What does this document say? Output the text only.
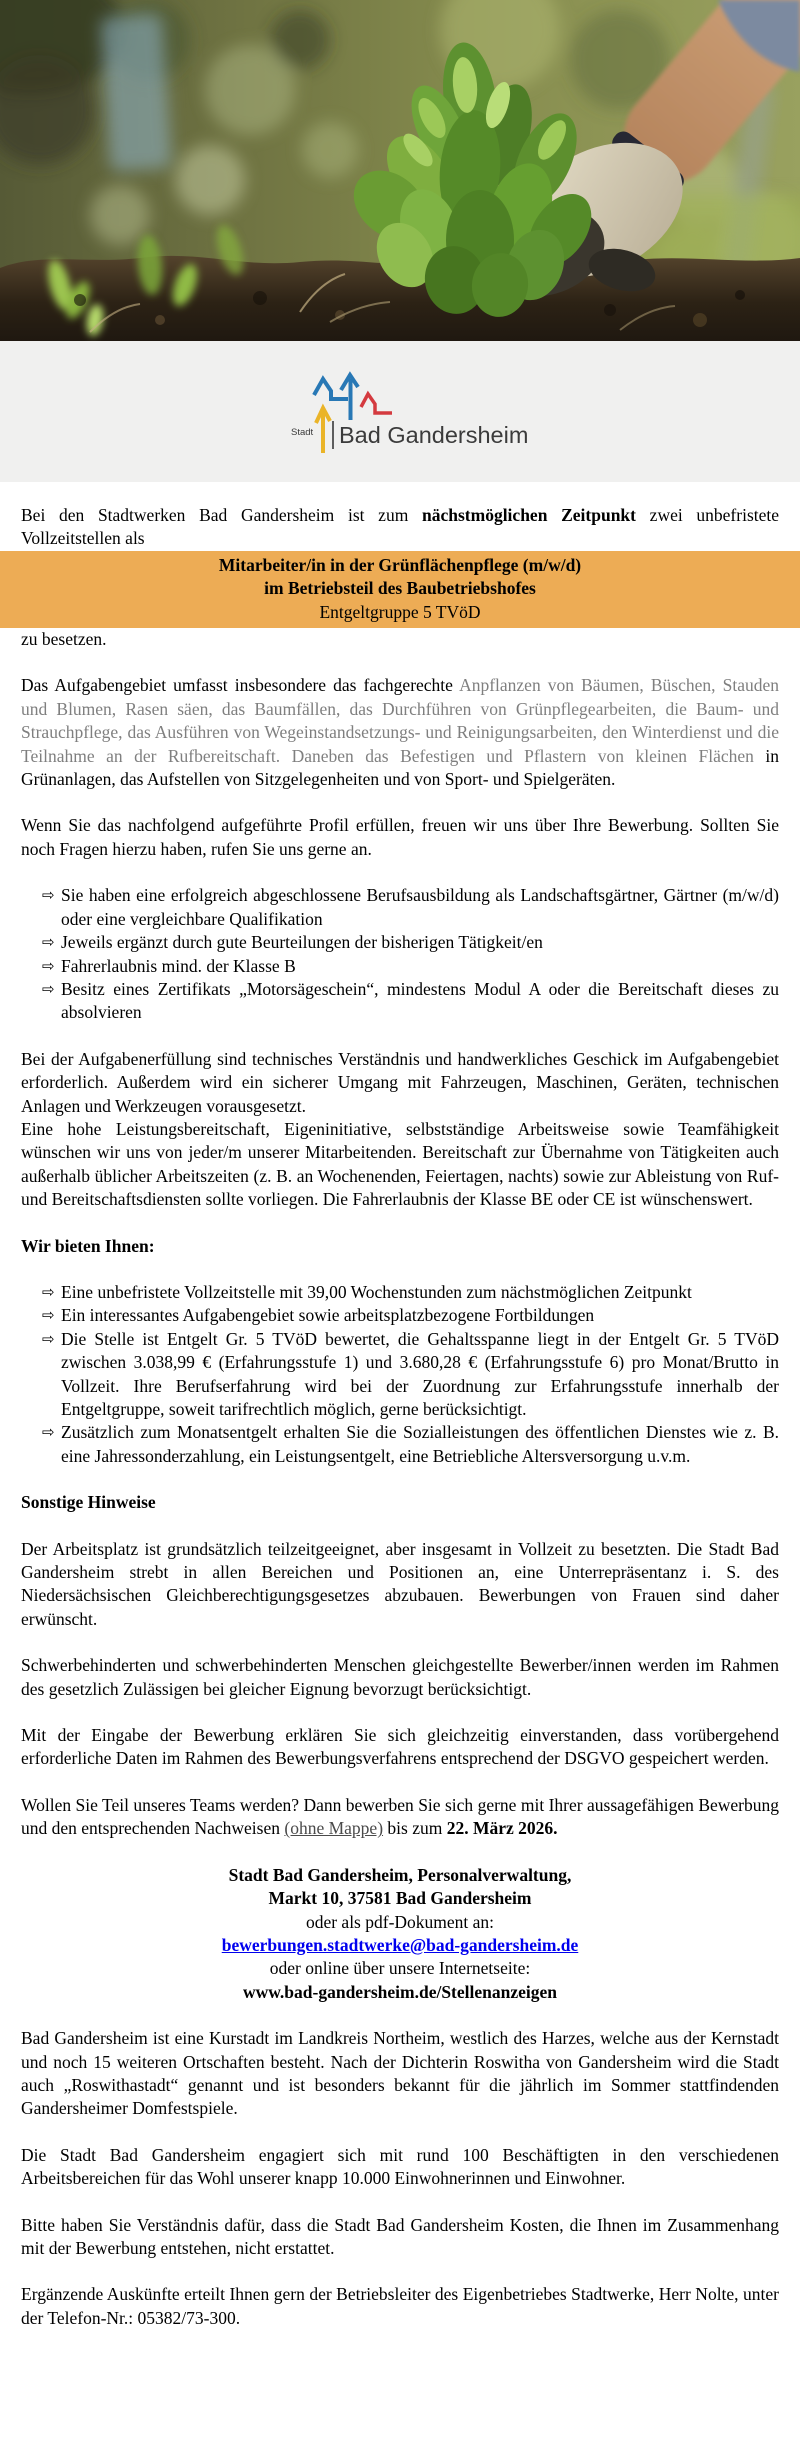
Stadt Bad Gandersheim

Bei den Stadtwerken Bad Gandersheim ist zum nächstmöglichen Zeitpunkt zwei unbefristete Vollzeitstellen als

Mitarbeiter/in in der Grünflächenpflege (m/w/d)
im Betriebsteil des Baubetriebshofes
Entgeltgruppe 5 TVöD

zu besetzen.

Das Aufgabengebiet umfasst insbesondere das fachgerechte Anpflanzen von Bäumen, Büschen, Stauden und Blumen, Rasen säen, das Baumfällen, das Durchführen von Grünpflegearbeiten, die Baum- und Strauchpflege, das Ausführen von Wegeinstandsetzungs- und Reinigungsarbeiten, den Winterdienst und die Teilnahme an der Rufbereitschaft. Daneben das Befestigen und Pflastern von kleinen Flächen in Grünanlagen, das Aufstellen von Sitzgelegenheiten und von Sport- und Spielgeräten.

Wenn Sie das nachfolgend aufgeführte Profil erfüllen, freuen wir uns über Ihre Bewerbung. Sollten Sie noch Fragen hierzu haben, rufen Sie uns gerne an.

⇨ Sie haben eine erfolgreich abgeschlossene Berufsausbildung als Landschaftsgärtner, Gärtner (m/w/d) oder eine vergleichbare Qualifikation
⇨ Jeweils ergänzt durch gute Beurteilungen der bisherigen Tätigkeit/en
⇨ Fahrerlaubnis mind. der Klasse B
⇨ Besitz eines Zertifikats „Motorsägeschein“, mindestens Modul A oder die Bereitschaft dieses zu absolvieren

Bei der Aufgabenerfüllung sind technisches Verständnis und handwerkliches Geschick im Aufgabengebiet erforderlich. Außerdem wird ein sicherer Umgang mit Fahrzeugen, Maschinen, Geräten, technischen Anlagen und Werkzeugen vorausgesetzt.

Eine hohe Leistungsbereitschaft, Eigeninitiative, selbstständige Arbeitsweise sowie Teamfähigkeit wünschen wir uns von jeder/m unserer Mitarbeitenden. Bereitschaft zur Übernahme von Tätigkeiten auch außerhalb üblicher Arbeitszeiten (z. B. an Wochenenden, Feiertagen, nachts) sowie zur Ableistung von Ruf- und Bereitschaftsdiensten sollte vorliegen. Die Fahrerlaubnis der Klasse BE oder CE ist wünschenswert.

Wir bieten Ihnen:

⇨ Eine unbefristete Vollzeitstelle mit 39,00 Wochenstunden zum nächstmöglichen Zeitpunkt
⇨ Ein interessantes Aufgabengebiet sowie arbeitsplatzbezogene Fortbildungen
⇨ Die Stelle ist Entgelt Gr. 5 TVöD bewertet, die Gehaltsspanne liegt in der Entgelt Gr. 5 TVöD zwischen 3.038,99 € (Erfahrungsstufe 1) und 3.680,28 € (Erfahrungsstufe 6) pro Monat/Brutto in Vollzeit. Ihre Berufserfahrung wird bei der Zuordnung zur Erfahrungsstufe innerhalb der Entgeltgruppe, soweit tarifrechtlich möglich, gerne berücksichtigt.
⇨ Zusätzlich zum Monatsentgelt erhalten Sie die Sozialleistungen des öffentlichen Dienstes wie z. B. eine Jahressonderzahlung, ein Leistungsentgelt, eine Betriebliche Altersversorgung u.v.m.

Sonstige Hinweise

Der Arbeitsplatz ist grundsätzlich teilzeitgeeignet, aber insgesamt in Vollzeit zu besetzten. Die Stadt Bad Gandersheim strebt in allen Bereichen und Positionen an, eine Unterrepräsentanz i. S. des Niedersächsischen Gleichberechtigungsgesetzes abzubauen. Bewerbungen von Frauen sind daher erwünscht.

Schwerbehinderten und schwerbehinderten Menschen gleichgestellte Bewerber/innen werden im Rahmen des gesetzlich Zulässigen bei gleicher Eignung bevorzugt berücksichtigt.

Mit der Eingabe der Bewerbung erklären Sie sich gleichzeitig einverstanden, dass vorübergehend erforderliche Daten im Rahmen des Bewerbungsverfahrens entsprechend der DSGVO gespeichert werden.

Wollen Sie Teil unseres Teams werden? Dann bewerben Sie sich gerne mit Ihrer aussagefähigen Bewerbung und den entsprechenden Nachweisen (ohne Mappe) bis zum 22. März 2026.

Stadt Bad Gandersheim, Personalverwaltung,
Markt 10, 37581 Bad Gandersheim
oder als pdf-Dokument an:
bewerbungen.stadtwerke@bad-gandersheim.de
oder online über unsere Internetseite:
www.bad-gandersheim.de/Stellenanzeigen

Bad Gandersheim ist eine Kurstadt im Landkreis Northeim, westlich des Harzes, welche aus der Kernstadt und noch 15 weiteren Ortschaften besteht. Nach der Dichterin Roswitha von Gandersheim wird die Stadt auch „Roswithastadt“ genannt und ist besonders bekannt für die jährlich im Sommer stattfindenden Gandersheimer Domfestspiele.

Die Stadt Bad Gandersheim engagiert sich mit rund 100 Beschäftigten in den verschiedenen Arbeitsbereichen für das Wohl unserer knapp 10.000 Einwohnerinnen und Einwohner.

Bitte haben Sie Verständnis dafür, dass die Stadt Bad Gandersheim Kosten, die Ihnen im Zusammenhang mit der Bewerbung entstehen, nicht erstattet.

Ergänzende Auskünfte erteilt Ihnen gern der Betriebsleiter des Eigenbetriebes Stadtwerke, Herr Nolte, unter der Telefon-Nr.: 05382/73-300.
